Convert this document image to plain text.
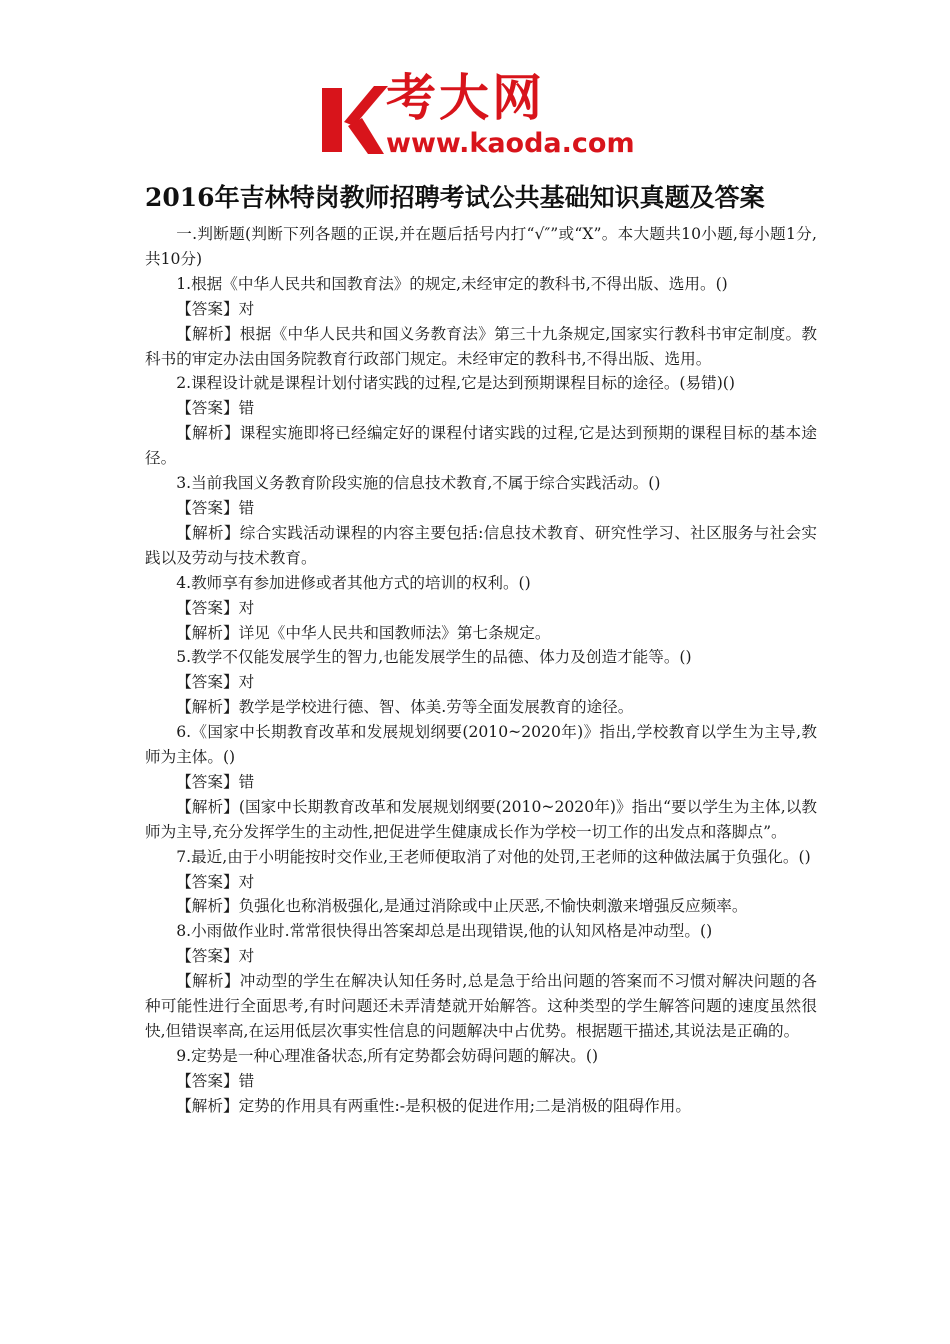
考大网
www.kaoda.com
2016年吉林特岗教师招聘考试公共基础知识真题及答案

一.判断题(判断下列各题的正误,并在题后括号内打“√″”或“X”。本大题共10小题,每小题1分,共10分)

1.根据《中华人民共和国教育法》的规定,未经审定的教科书,不得出版、选用。()

【答案】对

【解析】根据《中华人民共和国义务教育法》第三十九条规定,国家实行教科书审定制度。教科书的审定办法由国务院教育行政部门规定。未经审定的教科书,不得出版、选用。

2.课程设计就是课程计划付诸实践的过程,它是达到预期课程目标的途径。(易错)()

【答案】错

【解析】课程实施即将已经编定好的课程付诸实践的过程,它是达到预期的课程目标的基本途径。

3.当前我国义务教育阶段实施的信息技术教育,不属于综合实践活动。()

【答案】错

【解析】综合实践活动课程的内容主要包括:信息技术教育、研究性学习、社区服务与社会实践以及劳动与技术教育。

4.教师享有参加进修或者其他方式的培训的权利。()

【答案】对

【解析】详见《中华人民共和国教师法》第七条规定。

5.教学不仅能发展学生的智力,也能发展学生的品德、体力及创造才能等。()

【答案】对

【解析】教学是学校进行德、智、体美.劳等全面发展教育的途径。

6.《国家中长期教育改革和发展规划纲要(2010~2020年)》指出,学校教育以学生为主导,教师为主体。()

【答案】错

【解析】(国家中长期教育改革和发展规划纲要(2010~2020年)》指出“要以学生为主体,以教师为主导,充分发挥学生的主动性,把促进学生健康成长作为学校一切工作的出发点和落脚点”。

7.最近,由于小明能按时交作业,王老师便取消了对他的处罚,王老师的这种做法属于负强化。()

【答案】对

【解析】负强化也称消极强化,是通过消除或中止厌恶,不愉快刺激来增强反应频率。

8.小雨做作业时.常常很快得出答案却总是出现错误,他的认知风格是冲动型。()

【答案】对

【解析】冲动型的学生在解决认知任务时,总是急于给出问题的答案而不习惯对解决问题的各种可能性进行全面思考,有时问题还未弄清楚就开始解答。这种类型的学生解答问题的速度虽然很快,但错误率高,在运用低层次事实性信息的问题解决中占优势。根据题干描述,其说法是正确的。

9.定势是一种心理准备状态,所有定势都会妨碍问题的解决。()

【答案】错

【解析】定势的作用具有两重性:-是积极的促进作用;二是消极的阻碍作用。
